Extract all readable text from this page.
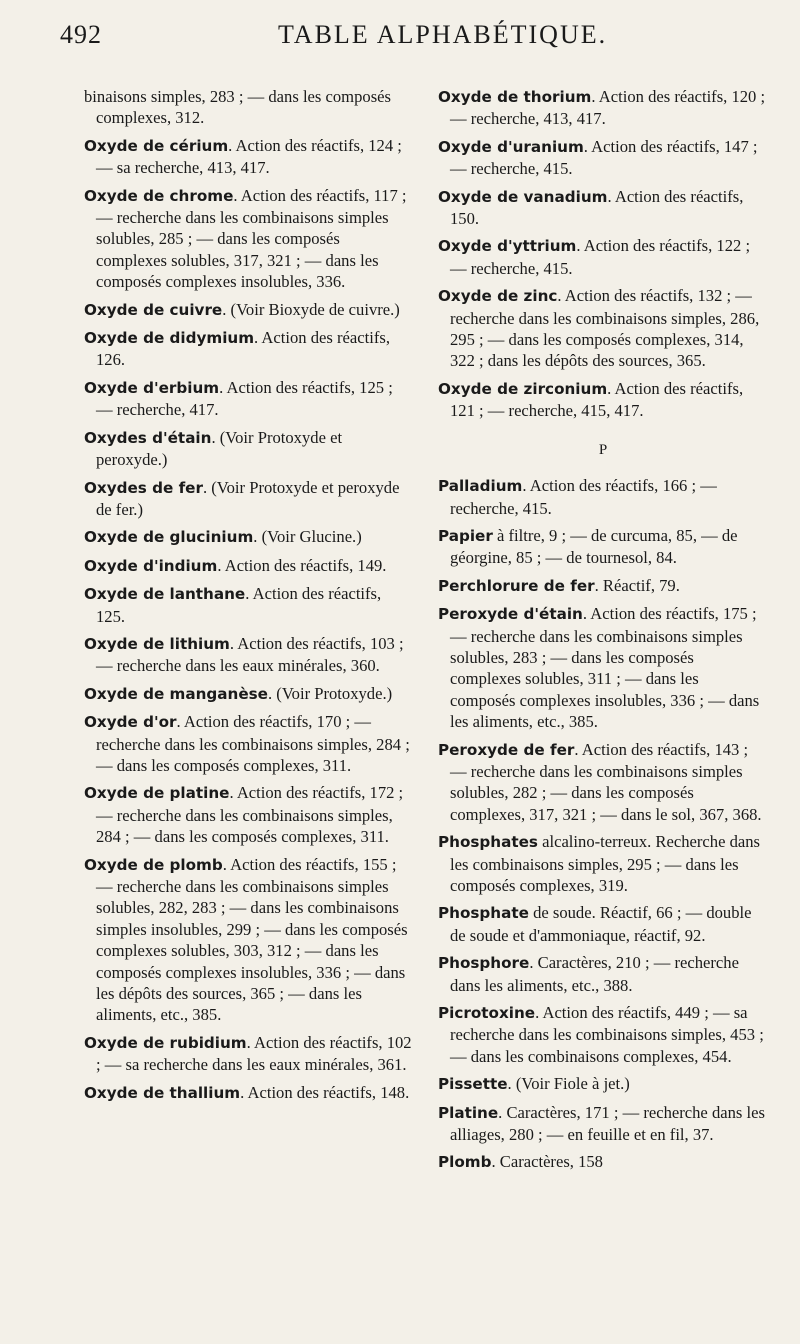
492	TABLE ALPHABÉTIQUE.

binaisons simples, 283 ; — dans les composés complexes, 312.

Oxyde de cérium. Action des réactifs, 124 ; — sa recherche, 413, 417.

Oxyde de chrome. Action des réactifs, 117 ; — recherche dans les combinaisons simples solubles, 285 ; — dans les composés complexes solubles, 317, 321 ; — dans les composés complexes insolubles, 336.

Oxyde de cuivre. (Voir Bioxyde de cuivre.)

Oxyde de didymium. Action des réactifs, 126.

Oxyde d'erbium. Action des réactifs, 125 ; — recherche, 417.

Oxydes d'étain. (Voir Protoxyde et peroxyde.)

Oxydes de fer. (Voir Protoxyde et peroxyde de fer.)

Oxyde de glucinium. (Voir Glucine.)

Oxyde d'indium. Action des réactifs, 149.

Oxyde de lanthane. Action des réactifs, 125.

Oxyde de lithium. Action des réactifs, 103 ; — recherche dans les eaux minérales, 360.

Oxyde de manganèse. (Voir Protoxyde.)

Oxyde d'or. Action des réactifs, 170 ; — recherche dans les combinaisons simples, 284 ; — dans les composés complexes, 311.

Oxyde de platine. Action des réactifs, 172 ; — recherche dans les combinaisons simples, 284 ; — dans les composés complexes, 311.

Oxyde de plomb. Action des réactifs, 155 ; — recherche dans les combinaisons simples solubles, 282, 283 ; — dans les combinaisons simples insolubles, 299 ; — dans les composés complexes solubles, 303, 312 ; — dans les composés complexes insolubles, 336 ; — dans les dépôts des sources, 365 ; — dans les aliments, etc., 385.

Oxyde de rubidium. Action des réactifs, 102 ; — sa recherche dans les eaux minérales, 361.

Oxyde de thallium. Action des réactifs, 148.

Oxyde de thorium. Action des réactifs, 120 ; — recherche, 413, 417.

Oxyde d'uranium. Action des réactifs, 147 ; — recherche, 415.

Oxyde de vanadium. Action des réactifs, 150.

Oxyde d'yttrium. Action des réactifs, 122 ; — recherche, 415.

Oxyde de zinc. Action des réactifs, 132 ; — recherche dans les combinaisons simples, 286, 295 ; — dans les composés complexes, 314, 322 ; dans les dépôts des sources, 365.

Oxyde de zirconium. Action des réactifs, 121 ; — recherche, 415, 417.

P

Palladium. Action des réactifs, 166 ; — recherche, 415.

Papier à filtre, 9 ; — de curcuma, 85, — de géorgine, 85 ; — de tournesol, 84.

Perchlorure de fer. Réactif, 79.

Peroxyde d'étain. Action des réactifs, 175 ; — recherche dans les combinaisons simples solubles, 283 ; — dans les composés complexes solubles, 311 ; — dans les composés complexes insolubles, 336 ; — dans les aliments, etc., 385.

Peroxyde de fer. Action des réactifs, 143 ; — recherche dans les combinaisons simples solubles, 282 ; — dans les composés complexes, 317, 321 ; — dans le sol, 367, 368.

Phosphates alcalino-terreux. Recherche dans les combinaisons simples, 295 ; — dans les composés complexes, 319.

Phosphate de soude. Réactif, 66 ; — double de soude et d'ammoniaque, réactif, 92.

Phosphore. Caractères, 210 ; — recherche dans les aliments, etc., 388.

Picrotoxine. Action des réactifs, 449 ; — sa recherche dans les combinaisons simples, 453 ; — dans les combinaisons complexes, 454.

Pissette. (Voir Fiole à jet.)

Platine. Caractères, 171 ; — recherche dans les alliages, 280 ; — en feuille et en fil, 37.

Plomb. Caractères, 158
